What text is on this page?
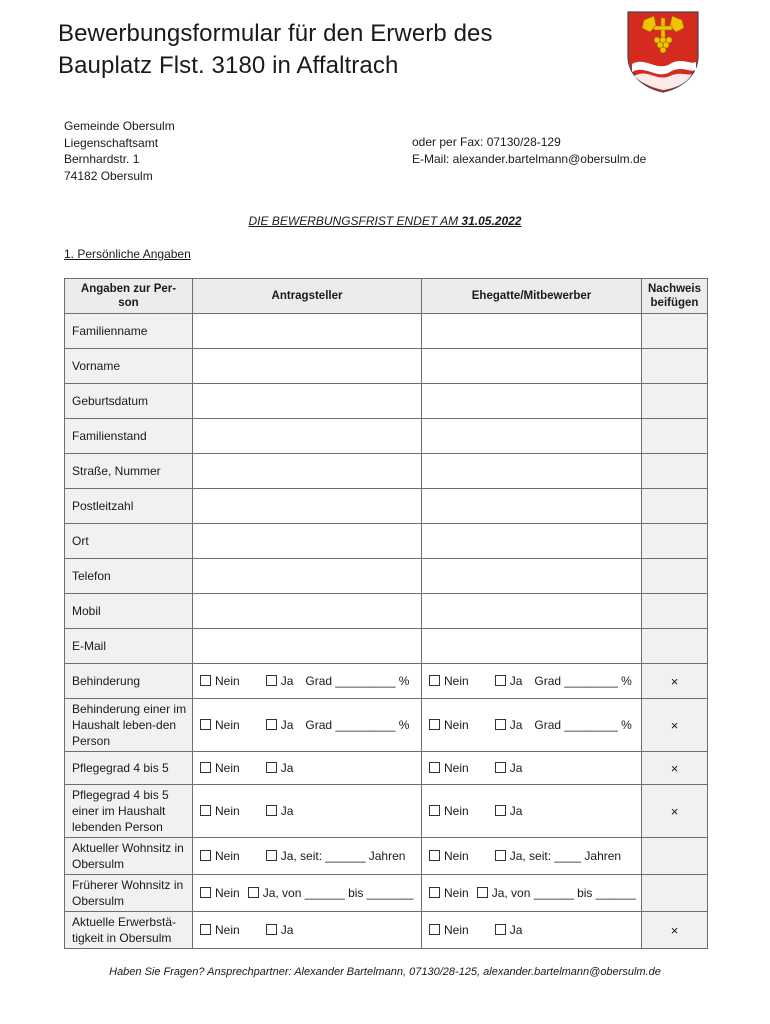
Bewerbungsformular für den Erwerb des
Bauplatz Flst. 3180 in Affaltrach
Gemeinde Obersulm
Liegenschaftsamt
Bernhardstr. 1
74182 Obersulm
oder per Fax: 07130/28-129
E-Mail: alexander.bartelmann@obersulm.de
DIE BEWERBUNGSFRIST ENDET AM 31.05.2022
1. Persönliche Angaben
Angaben zur Per-son	Antragsteller	Ehegatte/Mitbewerber	Nachweis beifügen
Familienname			
Vorname			
Geburtsdatum			
Familienstand			
Straße, Nummer			
Postleitzahl			
Ort			
Telefon			
Mobil			
E-Mail			
Behinderung	Nein Ja Grad _________ %	Nein Ja Grad ________ %	×
Behinderung einer im Haushalt leben-den Person	Nein Ja Grad _________ %	Nein Ja Grad ________ %	×
Pflegegrad 4 bis 5	Nein Ja	Nein Ja	×
Pflegegrad 4 bis 5 einer im Haushalt lebenden Person	Nein Ja	Nein Ja	×
Aktueller Wohnsitz in Obersulm	Nein Ja, seit: ______ Jahren	Nein Ja, seit: ____ Jahren	
Früherer Wohnsitz in Obersulm	Nein Ja, von ______ bis _______	Nein Ja, von ______ bis ______	
Aktuelle Erwerbstä-tigkeit in Obersulm	Nein Ja	Nein Ja	×
Haben Sie Fragen? Ansprechpartner: Alexander Bartelmann, 07130/28-125, alexander.bartelmann@obersulm.de
